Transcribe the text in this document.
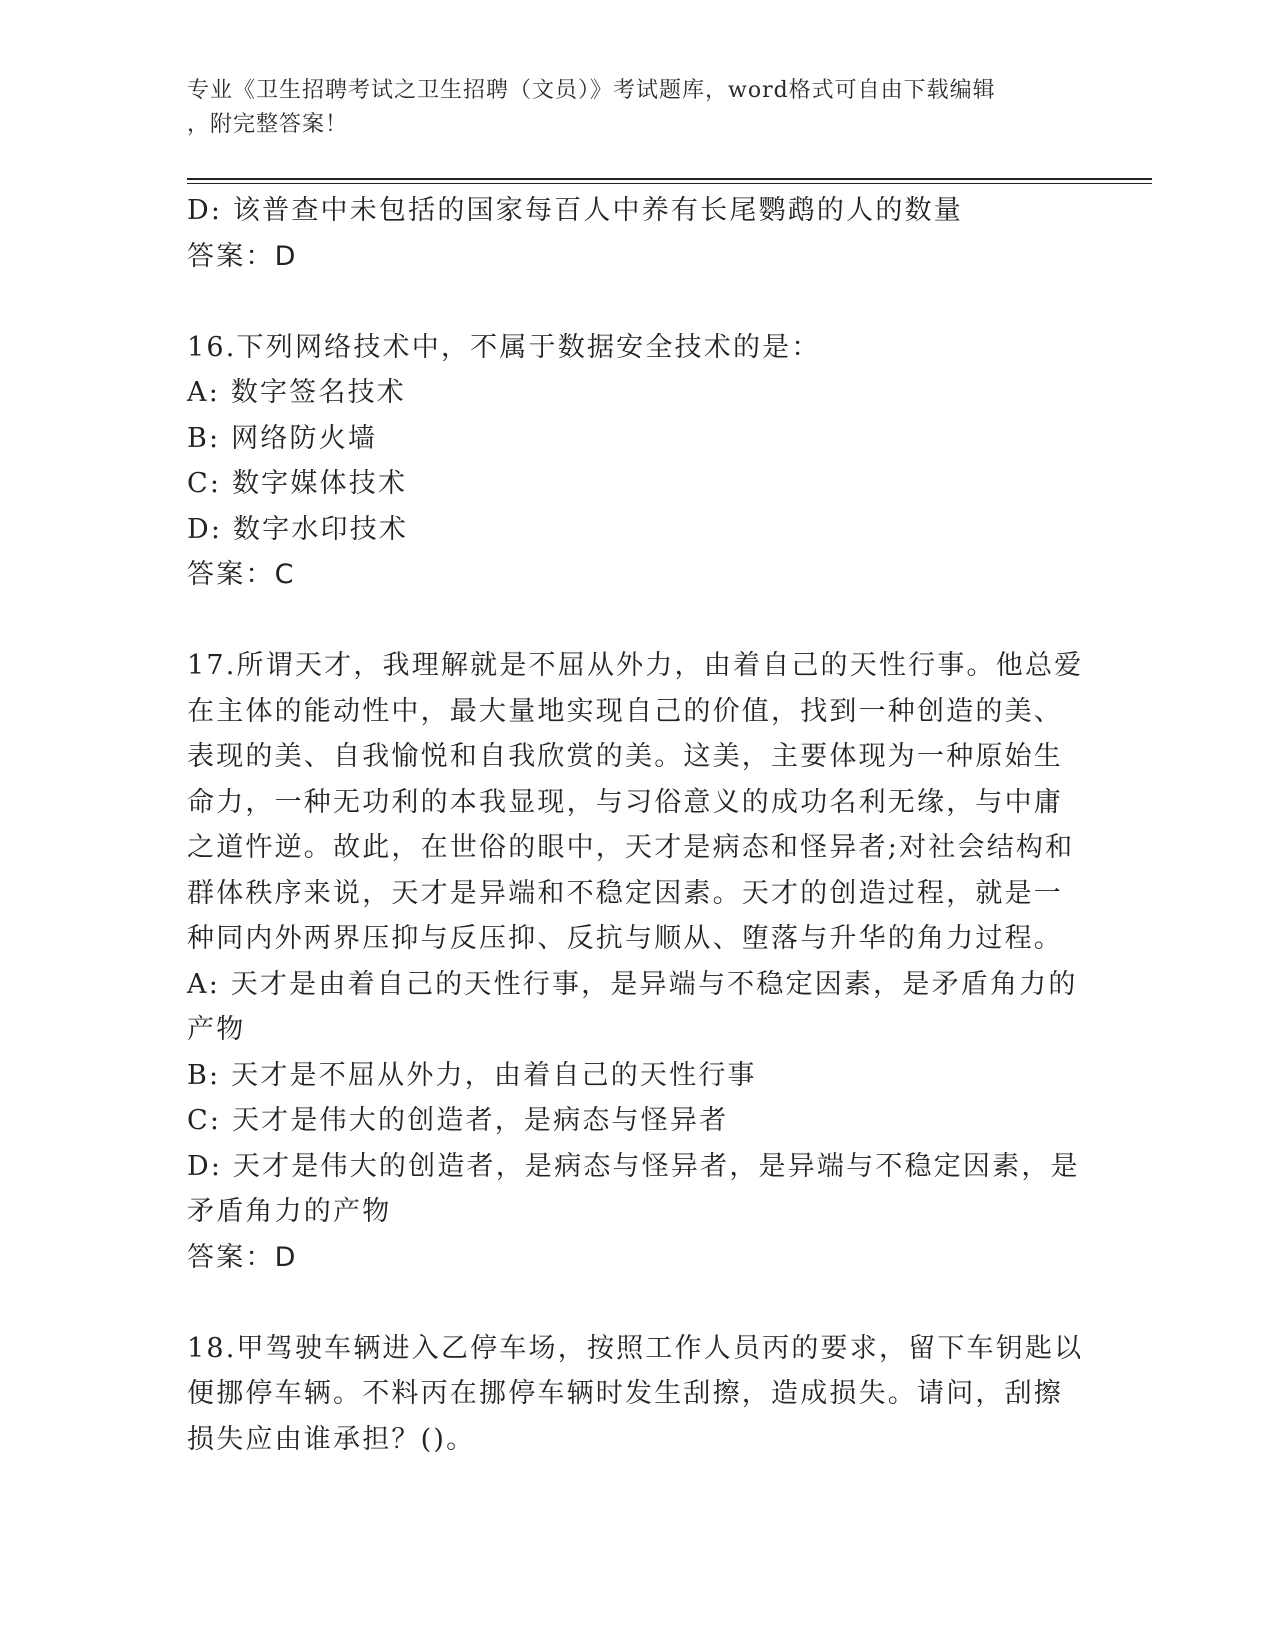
专业《卫生招聘考试之卫生招聘（文员）》考试题库，word格式可自由下载编辑
，附完整答案！
D: 该普查中未包括的国家每百人中养有长尾鹦鹉的人的数量
答案：D
16.下列网络技术中，不属于数据安全技术的是：
A: 数字签名技术
B: 网络防火墙
C: 数字媒体技术
D: 数字水印技术
答案：C
17.所谓天才，我理解就是不屈从外力，由着自己的天性行事。他总爱
在主体的能动性中，最大量地实现自己的价值，找到一种创造的美、
表现的美、自我愉悦和自我欣赏的美。这美，主要体现为一种原始生
命力，一种无功利的本我显现，与习俗意义的成功名利无缘，与中庸
之道忤逆。故此，在世俗的眼中，天才是病态和怪异者;对社会结构和
群体秩序来说，天才是异端和不稳定因素。天才的创造过程，就是一
种同内外两界压抑与反压抑、反抗与顺从、堕落与升华的角力过程。
A: 天才是由着自己的天性行事，是异端与不稳定因素，是矛盾角力的
产物
B: 天才是不屈从外力，由着自己的天性行事
C: 天才是伟大的创造者，是病态与怪异者
D: 天才是伟大的创造者，是病态与怪异者，是异端与不稳定因素，是
矛盾角力的产物
答案：D
18.甲驾驶车辆进入乙停车场，按照工作人员丙的要求，留下车钥匙以
便挪停车辆。不料丙在挪停车辆时发生刮擦，造成损失。请问，刮擦
损失应由谁承担？()。
